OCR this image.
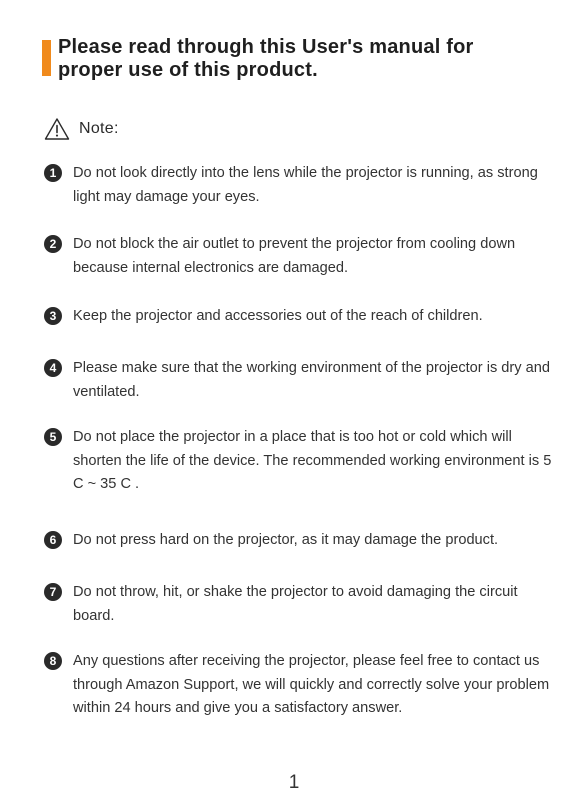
Please read through this User's manual for
proper use of this product.
Note:
1	Do not look directly into the lens while the projector is running, as strong light may damage your eyes.

2	Do not block the air outlet to prevent the projector from cooling down because internal electronics are damaged.

3	Keep the projector and accessories out of the reach of children.

4	Please make sure that the working environment of the projector is dry and ventilated.

5	Do not place the projector in a place that is too hot or cold which will shorten the life of the device. The recommended working environment is 5 C ~ 35 C .

6	Do not press hard on the projector, as it may damage the product.

7	Do not throw, hit, or shake the projector to avoid damaging the circuit board.

8	Any questions after receiving the projector, please feel free to contact us through Amazon Support, we will quickly and correctly solve your problem within 24 hours and give you a satisfactory answer.

1
